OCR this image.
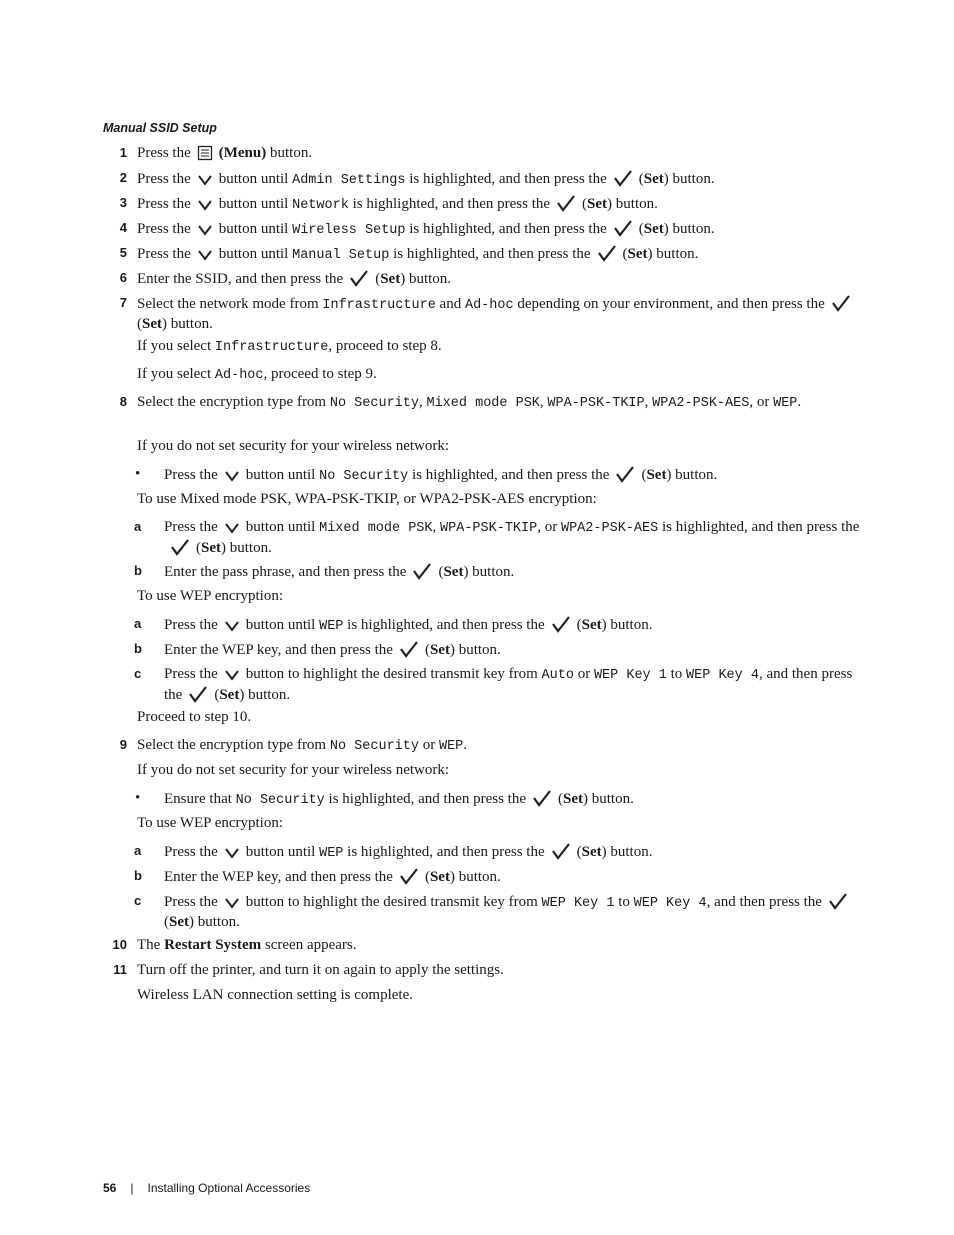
Manual SSID Setup
1 Press the (Menu) button.
2 Press the button until Admin Settings is highlighted, and then press the (Set) button.
3 Press the button until Network is highlighted, and then press the (Set) button.
4 Press the button until Wireless Setup is highlighted, and then press the (Set) button.
5 Press the button until Manual Setup is highlighted, and then press the (Set) button.
6 Enter the SSID, and then press the (Set) button.
7 Select the network mode from Infrastructure and Ad-hoc depending on your environment, and then press the
(Set) button.
If you select Infrastructure, proceed to step 8.
If you select Ad-hoc, proceed to step 9.
8 Select the encryption type from No Security, Mixed mode PSK, WPA-PSK-TKIP, WPA2-PSK-AES, or WEP.
If you do not set security for your wireless network:
• Press the button until No Security is highlighted, and then press the (Set) button.
To use Mixed mode PSK, WPA-PSK-TKIP, or WPA2-PSK-AES encryption:
a Press the button until Mixed mode PSK, WPA-PSK-TKIP, or WPA2-PSK-AES is highlighted, and then press the
(Set) button.
b Enter the pass phrase, and then press the (Set) button.
To use WEP encryption:
a Press the button until WEP is highlighted, and then press the (Set) button.
b Enter the WEP key, and then press the (Set) button.
c Press the button to highlight the desired transmit key from Auto or WEP Key 1 to WEP Key 4, and then press the (Set) button.
Proceed to step 10.
9 Select the encryption type from No Security or WEP.
If you do not set security for your wireless network:
• Ensure that No Security is highlighted, and then press the (Set) button.
To use WEP encryption:
a Press the button until WEP is highlighted, and then press the (Set) button.
b Enter the WEP key, and then press the (Set) button.
c Press the button to highlight the desired transmit key from WEP Key 1 to WEP Key 4, and then press the
(Set) button.
10 The Restart System screen appears.
11 Turn off the printer, and turn it on again to apply the settings.
Wireless LAN connection setting is complete.
56 | Installing Optional Accessories
